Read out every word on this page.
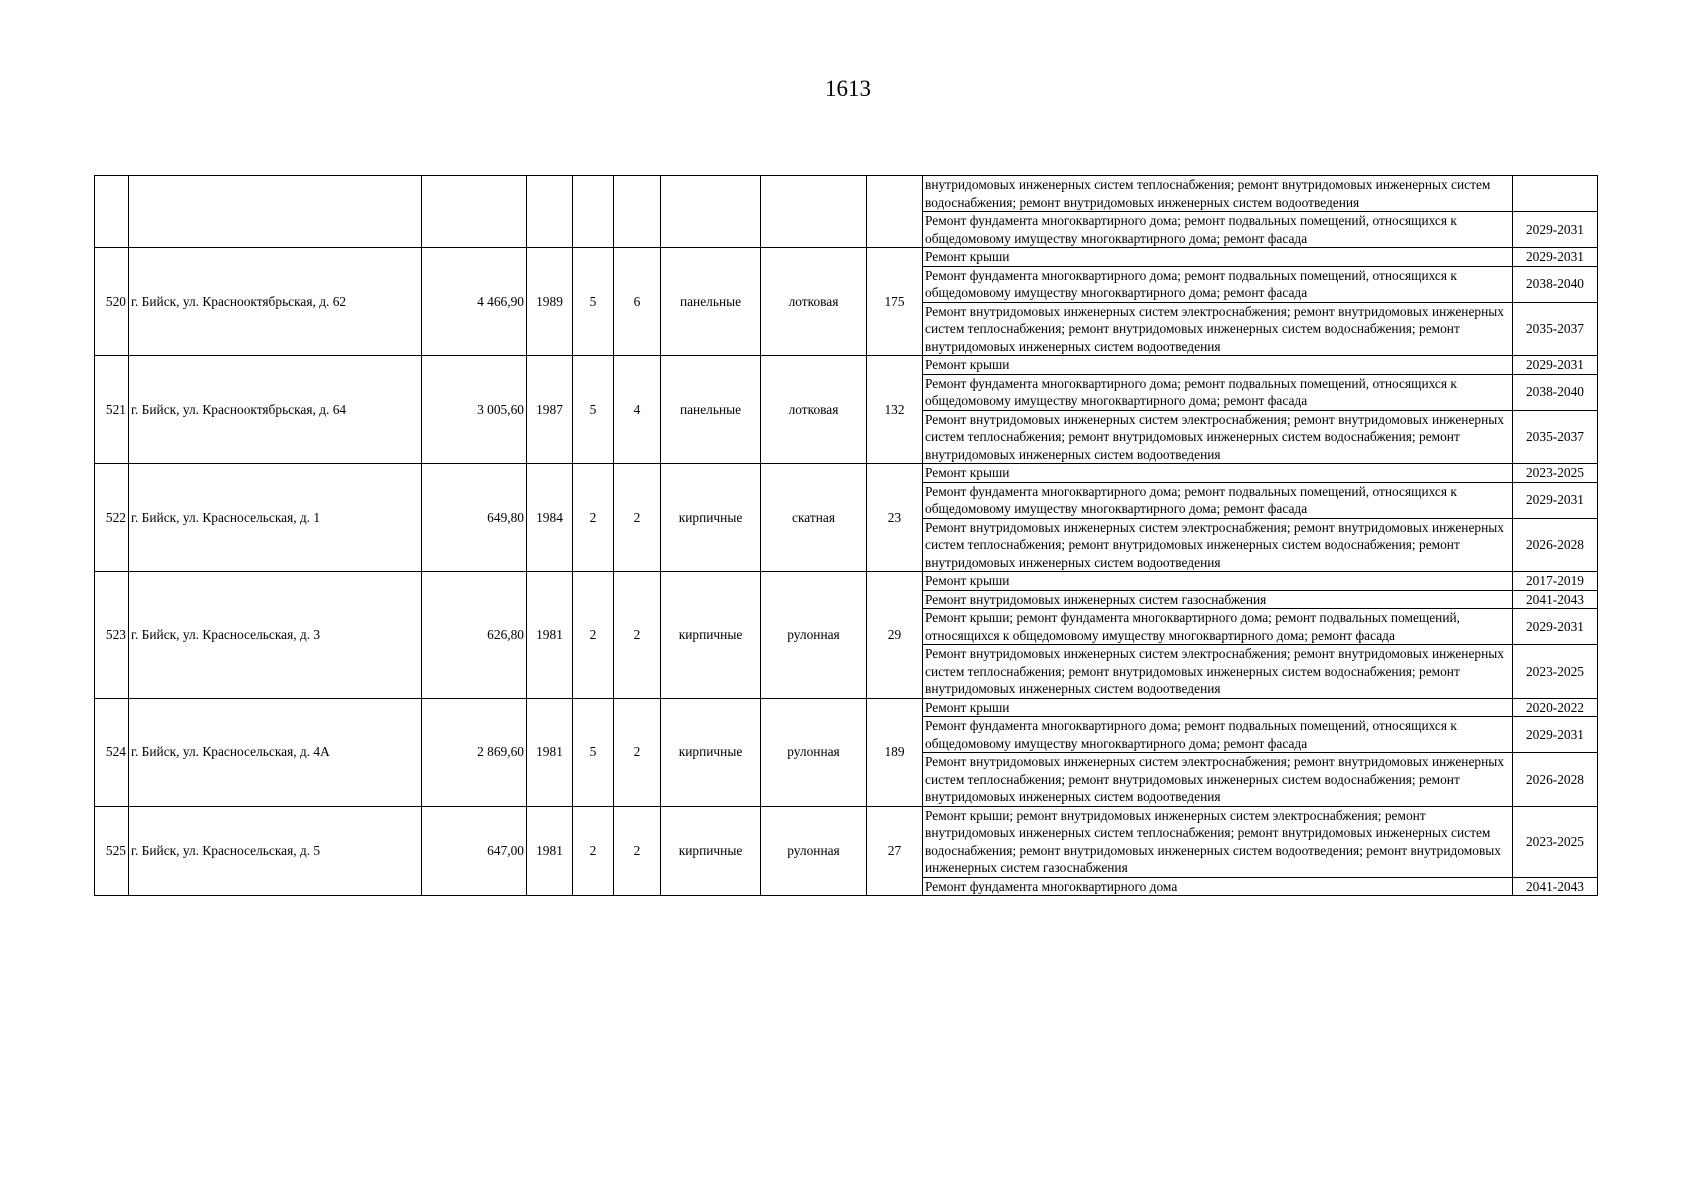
1613
									внутридомовых инженерных систем теплоснабжения; ремонт внутридомовых инженерных систем водоснабжения; ремонт внутридомовых инженерных систем водоотведения	
									Ремонт фундамента многоквартирного дома; ремонт подвальных помещений, относящихся к общедомовому имуществу многоквартирного дома; ремонт фасада	2029-2031
520	г. Бийск, ул. Краснооктябрьская, д. 62	4 466,90	1989	5	6	панельные	лотковая	175	Ремонт крыши	2029-2031
									Ремонт фундамента многоквартирного дома; ремонт подвальных помещений, относящихся к общедомовому имуществу многоквартирного дома; ремонт фасада	2038-2040
									Ремонт внутридомовых инженерных систем электроснабжения; ремонт внутридомовых инженерных систем теплоснабжения; ремонт внутридомовых инженерных систем водоснабжения; ремонт внутридомовых инженерных систем водоотведения	2035-2037
521	г. Бийск, ул. Краснооктябрьская, д. 64	3 005,60	1987	5	4	панельные	лотковая	132	Ремонт крыши	2029-2031
									Ремонт фундамента многоквартирного дома; ремонт подвальных помещений, относящихся к общедомовому имуществу многоквартирного дома; ремонт фасада	2038-2040
									Ремонт внутридомовых инженерных систем электроснабжения; ремонт внутридомовых инженерных систем теплоснабжения; ремонт внутридомовых инженерных систем водоснабжения; ремонт внутридомовых инженерных систем водоотведения	2035-2037
522	г. Бийск, ул. Красносельская, д. 1	649,80	1984	2	2	кирпичные	скатная	23	Ремонт крыши	2023-2025
									Ремонт фундамента многоквартирного дома; ремонт подвальных помещений, относящихся к общедомовому имуществу многоквартирного дома; ремонт фасада	2029-2031
									Ремонт внутридомовых инженерных систем электроснабжения; ремонт внутридомовых инженерных систем теплоснабжения; ремонт внутридомовых инженерных систем водоснабжения; ремонт внутридомовых инженерных систем водоотведения	2026-2028
523	г. Бийск, ул. Красносельская, д. 3	626,80	1981	2	2	кирпичные	рулонная	29	Ремонт крыши	2017-2019
									Ремонт внутридомовых инженерных систем газоснабжения	2041-2043
									Ремонт крыши; ремонт фундамента многоквартирного дома; ремонт подвальных помещений, относящихся к общедомовому имуществу многоквартирного дома; ремонт фасада	2029-2031
									Ремонт внутридомовых инженерных систем электроснабжения; ремонт внутридомовых инженерных систем теплоснабжения; ремонт внутридомовых инженерных систем водоснабжения; ремонт внутридомовых инженерных систем водоотведения	2023-2025
524	г. Бийск, ул. Красносельская, д. 4А	2 869,60	1981	5	2	кирпичные	рулонная	189	Ремонт крыши	2020-2022
									Ремонт фундамента многоквартирного дома; ремонт подвальных помещений, относящихся к общедомовому имуществу многоквартирного дома; ремонт фасада	2029-2031
									Ремонт внутридомовых инженерных систем электроснабжения; ремонт внутридомовых инженерных систем теплоснабжения; ремонт внутридомовых инженерных систем водоснабжения; ремонт внутридомовых инженерных систем водоотведения	2026-2028
525	г. Бийск, ул. Красносельская, д. 5	647,00	1981	2	2	кирпичные	рулонная	27	Ремонт крыши; ремонт внутридомовых инженерных систем электроснабжения; ремонт внутридомовых инженерных систем теплоснабжения; ремонт внутридомовых инженерных систем водоснабжения; ремонт внутридомовых инженерных систем водоотведения; ремонт внутридомовых инженерных систем газоснабжения	2023-2025
									Ремонт фундамента многоквартирного дома	2041-2043
